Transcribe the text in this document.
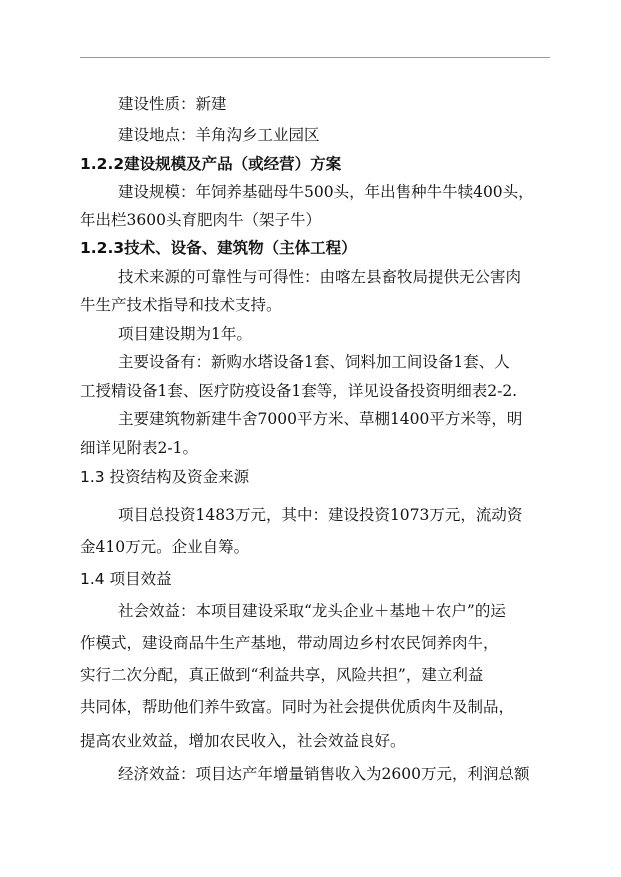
建设性质：新建
建设地点：羊角沟乡工业园区
1.2.2建设规模及产品（或经营）方案
建设规模：年饲养基础母牛500头，年出售种牛牛犊400头，
年出栏3600头育肥肉牛（架子牛）
1.2.3技术、设备、建筑物（主体工程）
技术来源的可靠性与可得性：由喀左县畜牧局提供无公害肉
牛生产技术指导和技术支持。
项目建设期为1年。
主要设备有：新购水塔设备1套、饲料加工间设备1套、人
工授精设备1套、医疗防疫设备1套等，详见设备投资明细表2-2.
主要建筑物新建牛舍7000平方米、草棚1400平方米等，明
细详见附表2-1。
1.3 投资结构及资金来源
项目总投资1483万元，其中：建设投资1073万元，流动资
金410万元。企业自筹。
1.4 项目效益
社会效益：本项目建设采取“龙头企业＋基地＋农户”的运
作模式，建设商品牛生产基地，带动周边乡村农民饲养肉牛，
实行二次分配，真正做到“利益共享，风险共担”，建立利益
共同体，帮助他们养牛致富。同时为社会提供优质肉牛及制品，
提高农业效益，增加农民收入，社会效益良好。
经济效益：项目达产年增量销售收入为2600万元，利润总额
